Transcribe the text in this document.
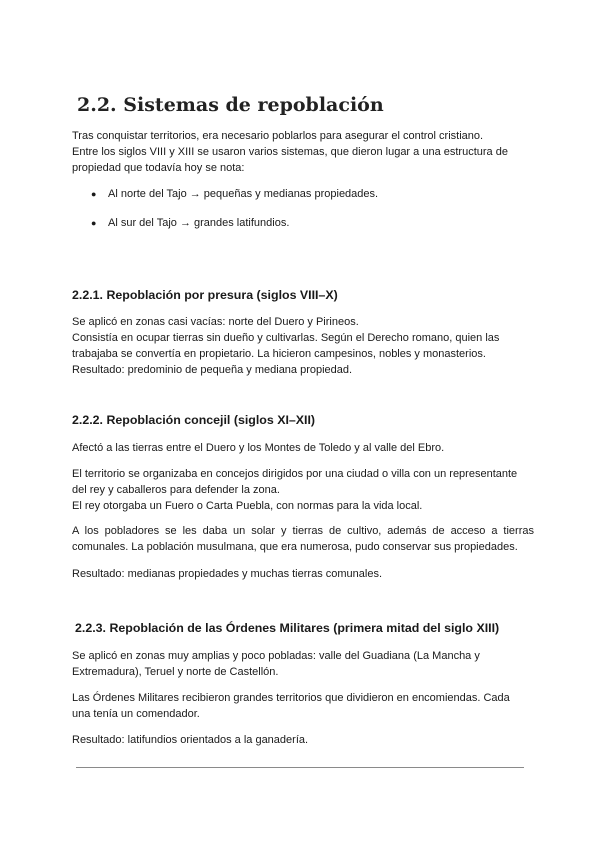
2.2. Sistemas de repoblación
Tras conquistar territorios, era necesario poblarlos para asegurar el control cristiano.
Entre los siglos VIII y XIII se usaron varios sistemas, que dieron lugar a una estructura de
propiedad que todavía hoy se nota:
● Al norte del Tajo → pequeñas y medianas propiedades.
● Al sur del Tajo → grandes latifundios.
2.2.1. Repoblación por presura (siglos VIII–X)
Se aplicó en zonas casi vacías: norte del Duero y Pirineos.
Consistía en ocupar tierras sin dueño y cultivarlas. Según el Derecho romano, quien las
trabajaba se convertía en propietario. La hicieron campesinos, nobles y monasterios.
Resultado: predominio de pequeña y mediana propiedad.
2.2.2. Repoblación concejil (siglos XI–XII)
Afectó a las tierras entre el Duero y los Montes de Toledo y al valle del Ebro.
El territorio se organizaba en concejos dirigidos por una ciudad o villa con un representante
del rey y caballeros para defender la zona.
El rey otorgaba un Fuero o Carta Puebla, con normas para la vida local.
A los pobladores se les daba un solar y tierras de cultivo, además de acceso a tierras comunales. La población musulmana, que era numerosa, pudo conservar sus propiedades.
Resultado: medianas propiedades y muchas tierras comunales.
2.2.3. Repoblación de las Órdenes Militares (primera mitad del siglo XIII)
Se aplicó en zonas muy amplias y poco pobladas: valle del Guadiana (La Mancha y
Extremadura), Teruel y norte de Castellón.
Las Órdenes Militares recibieron grandes territorios que dividieron en encomiendas. Cada
una tenía un comendador.
Resultado: latifundios orientados a la ganadería.
